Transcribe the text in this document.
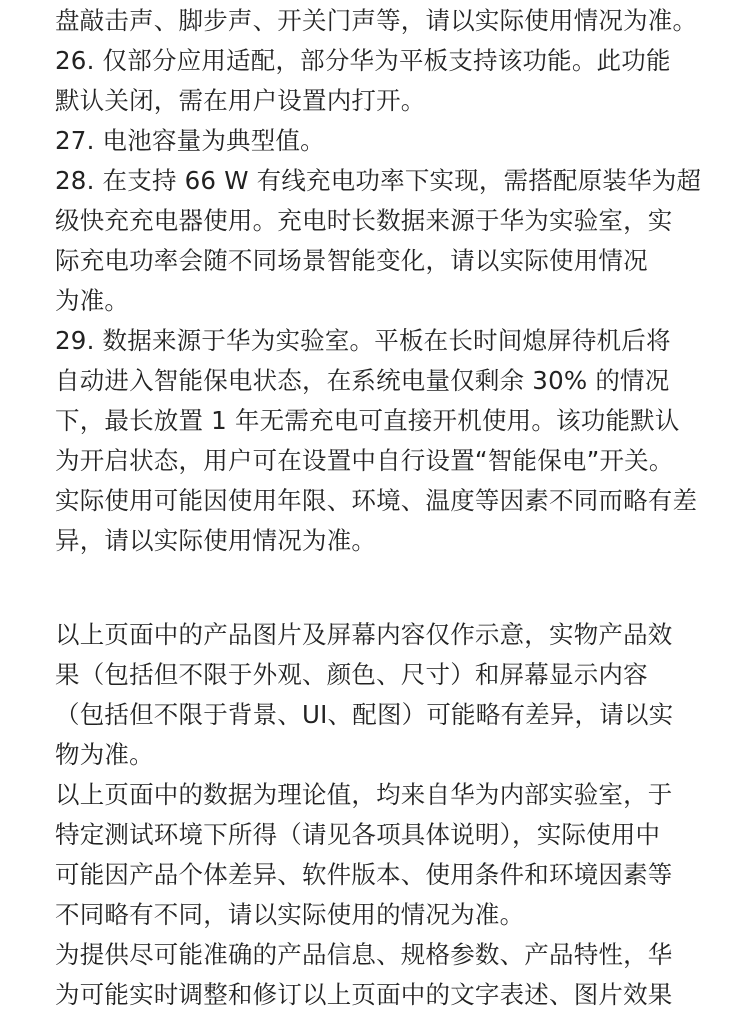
盘敲击声、脚步声、开关门声等，请以实际使用情况为准。
26. 仅部分应用适配，部分华为平板支持该功能。此功能
默认关闭，需在用户设置内打开。
27. 电池容量为典型值。
28. 在支持 66 W 有线充电功率下实现，需搭配原装华为超
级快充充电器使用。充电时长数据来源于华为实验室，实
际充电功率会随不同场景智能变化，请以实际使用情况
为准。
29. 数据来源于华为实验室。平板在长时间熄屏待机后将
自动进入智能保电状态，在系统电量仅剩余 30% 的情况
下，最长放置 1 年无需充电可直接开机使用。该功能默认
为开启状态，用户可在设置中自行设置“智能保电”开关。
实际使用可能因使用年限、环境、温度等因素不同而略有差
异，请以实际使用情况为准。
以上页面中的产品图片及屏幕内容仅作示意，实物产品效
果（包括但不限于外观、颜色、尺寸）和屏幕显示内容
（包括但不限于背景、UI、配图）可能略有差异，请以实
物为准。
以上页面中的数据为理论值，均来自华为内部实验室，于
特定测试环境下所得（请见各项具体说明），实际使用中
可能因产品个体差异、软件版本、使用条件和环境因素等
不同略有不同，请以实际使用的情况为准。
为提供尽可能准确的产品信息、规格参数、产品特性，华
为可能实时调整和修订以上页面中的文字表述、图片效果
